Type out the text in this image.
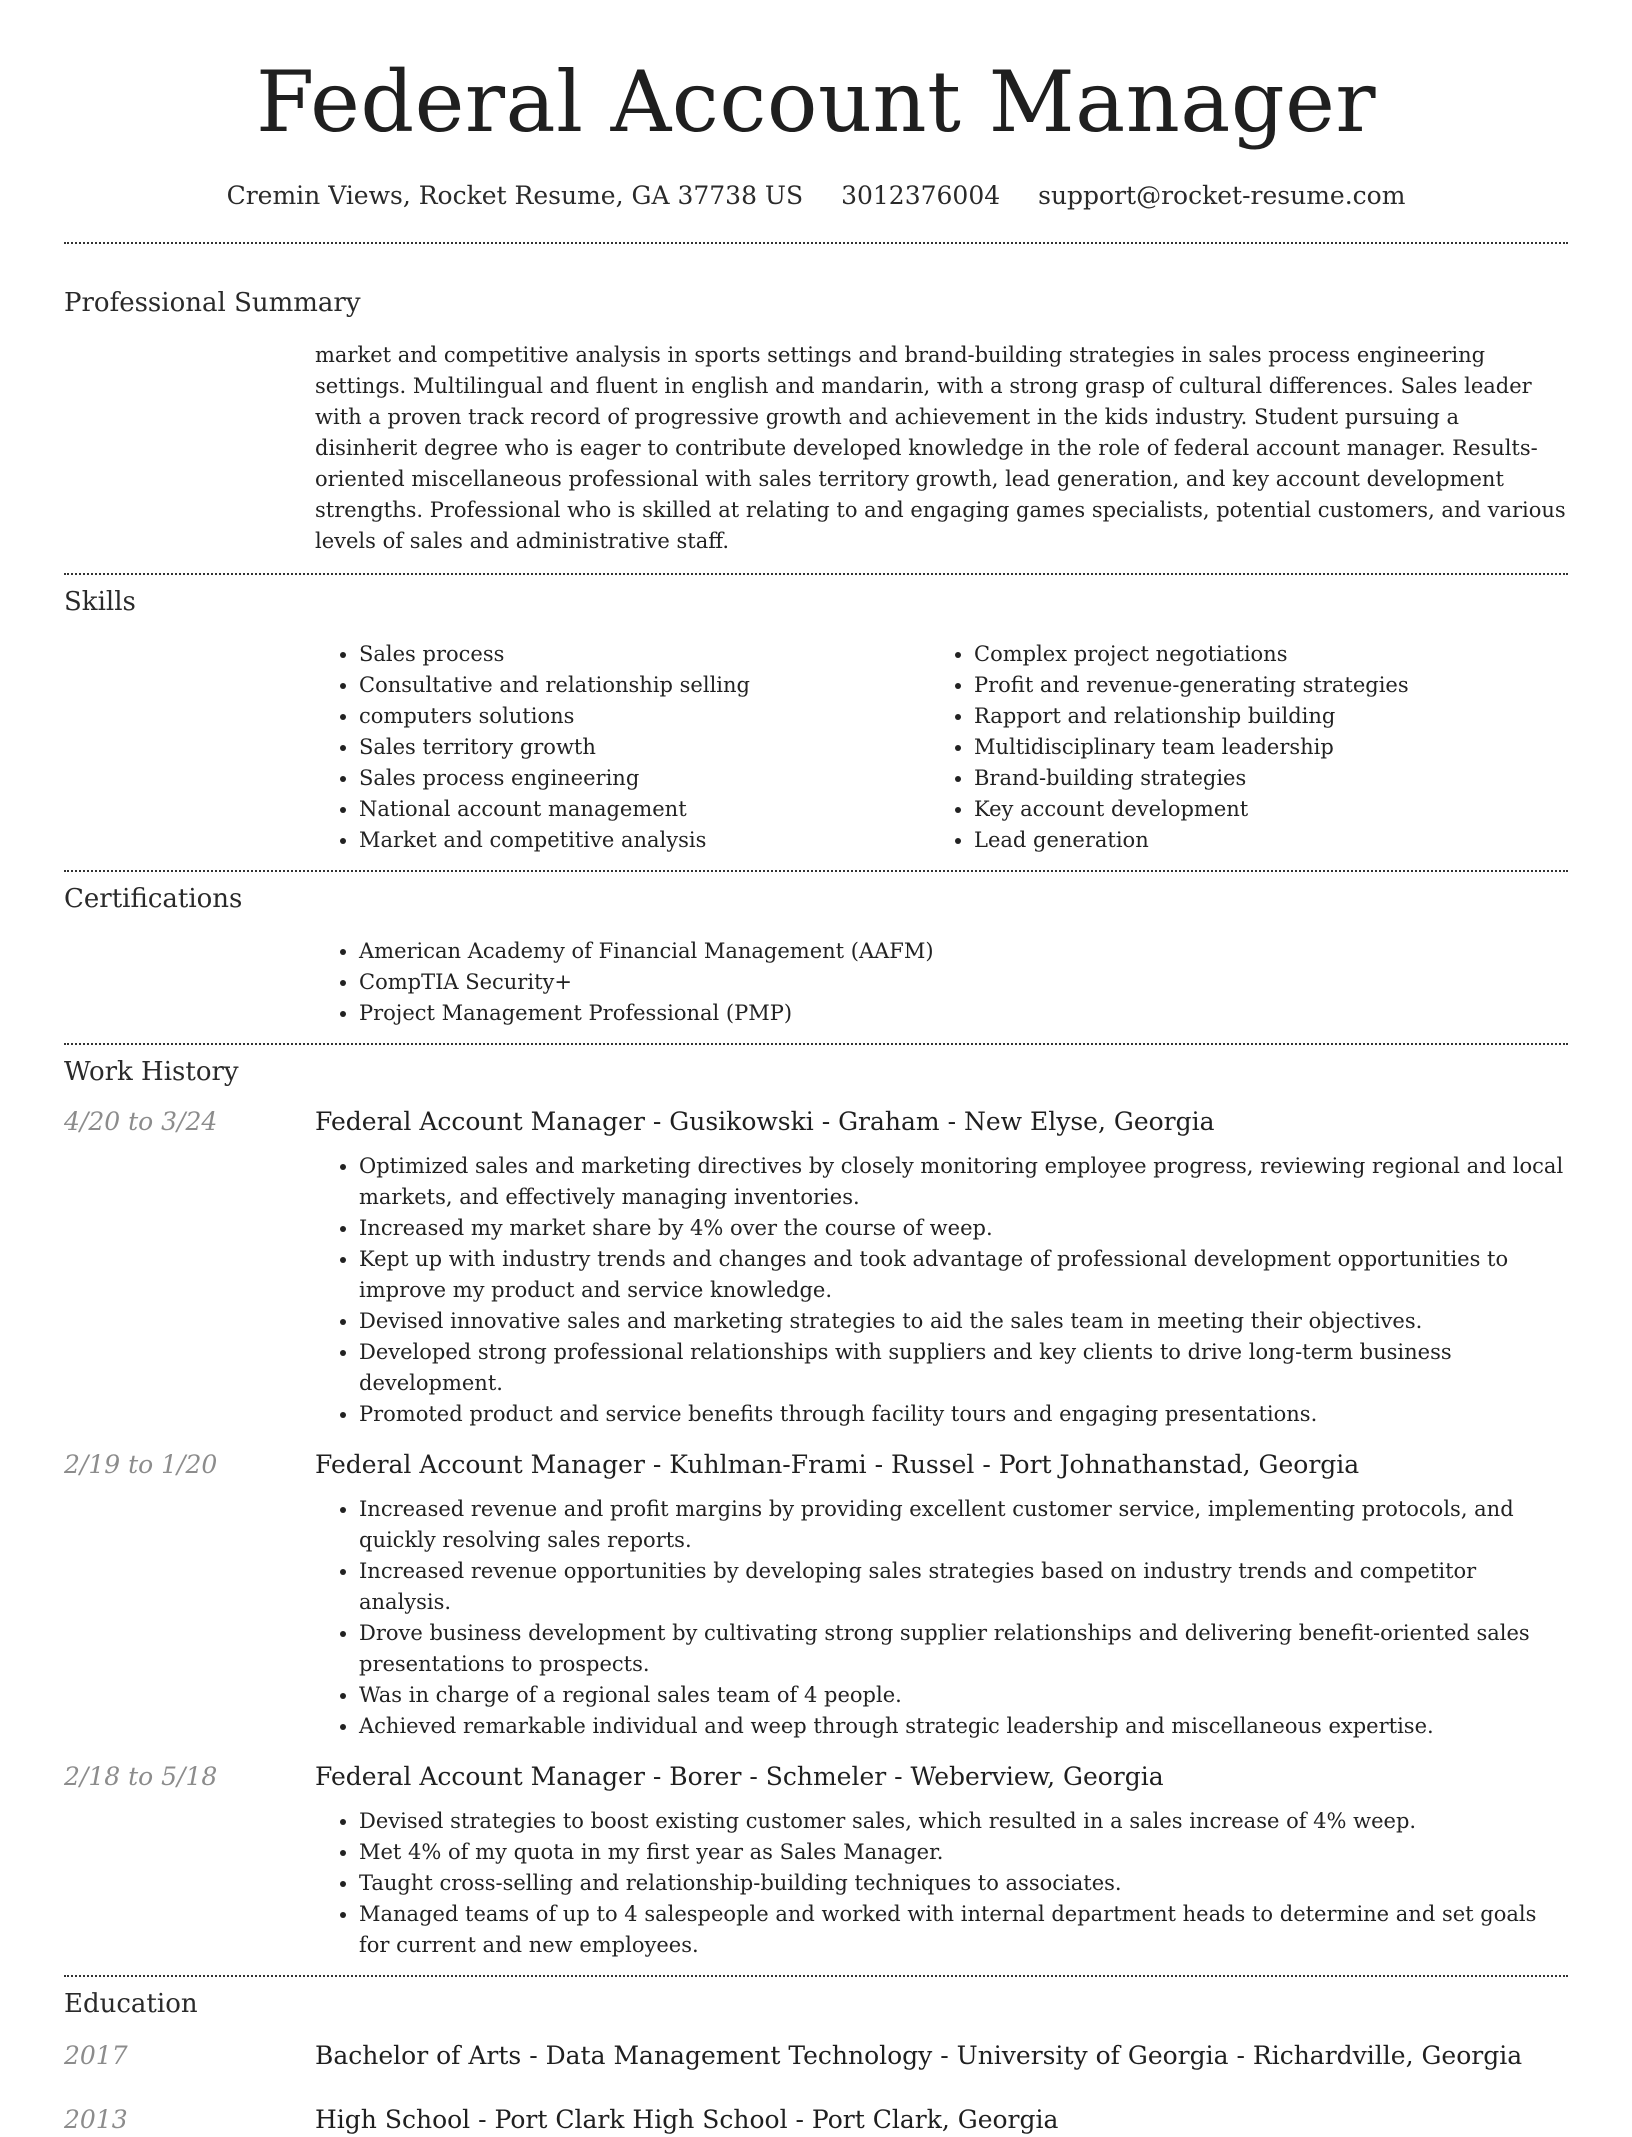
Federal Account Manager
Cremin Views, Rocket Resume, GA 37738 US 3012376004 support@rocket-resume.com
Professional Summary
market and competitive analysis in sports settings and brand-building strategies in sales process engineering settings. Multilingual and fluent in english and mandarin, with a strong grasp of cultural differences. Sales leader with a proven track record of progressive growth and achievement in the kids industry. Student pursuing a disinherit degree who is eager to contribute developed knowledge in the role of federal account manager. Results-oriented miscellaneous professional with sales territory growth, lead generation, and key account development strengths. Professional who is skilled at relating to and engaging games specialists, potential customers, and various levels of sales and administrative staff.
Skills
• Sales process
• Consultative and relationship selling
• computers solutions
• Sales territory growth
• Sales process engineering
• National account management
• Market and competitive analysis
• Complex project negotiations
• Profit and revenue-generating strategies
• Rapport and relationship building
• Multidisciplinary team leadership
• Brand-building strategies
• Key account development
• Lead generation
Certifications
• American Academy of Financial Management (AAFM)
• CompTIA Security+
• Project Management Professional (PMP)
Work History
4/20 to 3/24	Federal Account Manager - Gusikowski - Graham - New Elyse, Georgia
• Optimized sales and marketing directives by closely monitoring employee progress, reviewing regional and local markets, and effectively managing inventories.
• Increased my market share by 4% over the course of weep.
• Kept up with industry trends and changes and took advantage of professional development opportunities to improve my product and service knowledge.
• Devised innovative sales and marketing strategies to aid the sales team in meeting their objectives.
• Developed strong professional relationships with suppliers and key clients to drive long-term business development.
• Promoted product and service benefits through facility tours and engaging presentations.
2/19 to 1/20	Federal Account Manager - Kuhlman-Frami - Russel - Port Johnathanstad, Georgia
• Increased revenue and profit margins by providing excellent customer service, implementing protocols, and quickly resolving sales reports.
• Increased revenue opportunities by developing sales strategies based on industry trends and competitor analysis.
• Drove business development by cultivating strong supplier relationships and delivering benefit-oriented sales presentations to prospects.
• Was in charge of a regional sales team of 4 people.
• Achieved remarkable individual and weep through strategic leadership and miscellaneous expertise.
2/18 to 5/18	Federal Account Manager - Borer - Schmeler - Weberview, Georgia
• Devised strategies to boost existing customer sales, which resulted in a sales increase of 4% weep.
• Met 4% of my quota in my first year as Sales Manager.
• Taught cross-selling and relationship-building techniques to associates.
• Managed teams of up to 4 salespeople and worked with internal department heads to determine and set goals for current and new employees.
Education
2017	Bachelor of Arts - Data Management Technology - University of Georgia - Richardville, Georgia
2013	High School - Port Clark High School - Port Clark, Georgia
